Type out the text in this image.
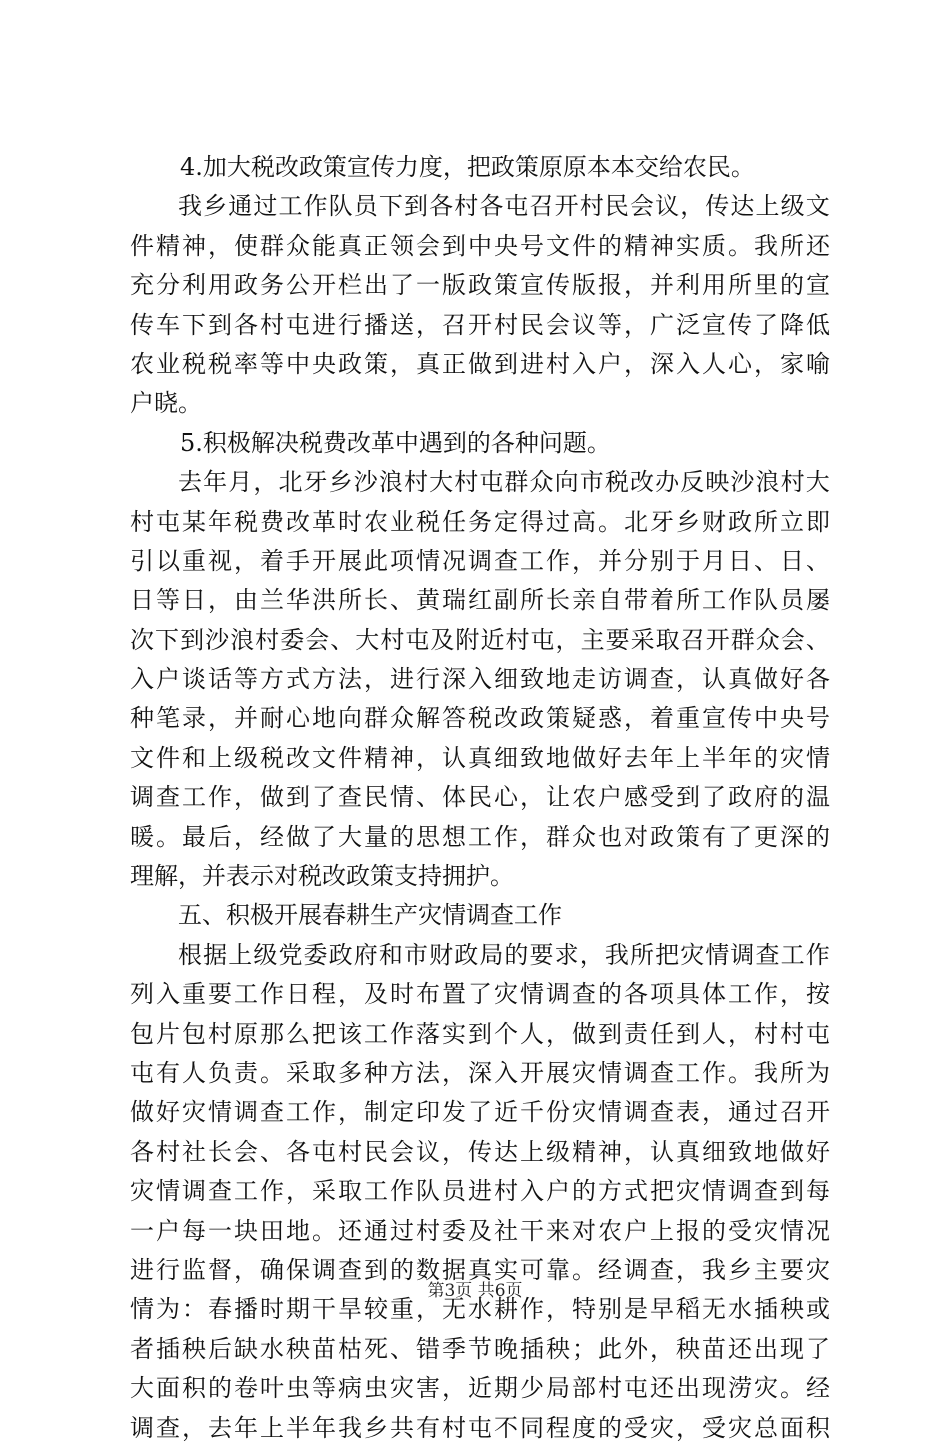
4.加大税改政策宣传力度，把政策原原本本交给农民。
我 乡 通 过 工 作 队 员 下 到 各 村 各 屯 召 开 村 民 会 议 ， 传 达 上 级 文
件 精 神 ， 使 群 众 能 真 正 领 会 到 中 央 号 文 件 的 精 神 实 质 。 我 所 还
充 分 利 用 政 务 公 开 栏 出 了 一 版 政 策 宣 传 版 报 ， 并 利 用 所 里 的 宣
传 车 下 到 各 村 屯 进 行 播 送 ， 召 开 村 民 会 议 等 ， 广 泛 宣 传 了 降 低
农 业 税 税 率 等 中 央 政 策 ， 真 正 做 到 进 村 入 户 ， 深 入 人 心 ， 家 喻
户晓。
5.积极解决税费改革中遇到的各种问题。
去 年 月 ， 北 牙 乡 沙 浪 村 大 村 屯 群 众 向 市 税 改 办 反 映 沙 浪 村 大
村 屯 某 年 税 费 改 革 时 农 业 税 任 务 定 得 过 高 。 北 牙 乡 财 政 所 立 即
引 以 重 视 ， 着 手 开 展 此 项 情 况 调 查 工 作 ， 并 分 别 于 月 日 、 日 、
日 等 日 ， 由 兰 华 洪 所 长 、 黄 瑞 红 副 所 长 亲 自 带 着 所 工 作 队 员 屡
次 下 到 沙 浪 村 委 会 、 大 村 屯 及 附 近 村 屯 ， 主 要 采 取 召 开 群 众 会 、
入 户 谈 话 等 方 式 方 法 ， 进 行 深 入 细 致 地 走 访 调 查 ， 认 真 做 好 各
种 笔 录 ， 并 耐 心 地 向 群 众 解 答 税 改 政 策 疑 惑 ， 着 重 宣 传 中 央 号
文 件 和 上 级 税 改 文 件 精 神 ， 认 真 细 致 地 做 好 去 年 上 半 年 的 灾 情
调 查 工 作 ， 做 到 了 查 民 情 、 体 民 心 ， 让 农 户 感 受 到 了 政 府 的 温
暖 。 最 后 ， 经 做 了 大 量 的 思 想 工 作 ， 群 众 也 对 政 策 有 了 更 深 的
理解，并表示对税改政策支持拥护。
五、积极开展春耕生产灾情调查工作
根 据 上 级 党 委 政 府 和 市 财 政 局 的 要 求 ， 我 所 把 灾 情 调 查 工 作
列 入 重 要 工 作 日 程 ， 及 时 布 置 了 灾 情 调 查 的 各 项 具 体 工 作 ， 按
包 片 包 村 原 那 么 把 该 工 作 落 实 到 个 人 ， 做 到 责 任 到 人 ， 村 村 屯
屯 有 人 负 责 。 采 取 多 种 方 法 ， 深 入 开 展 灾 情 调 查 工 作 。 我 所 为
做 好 灾 情 调 查 工 作 ， 制 定 印 发 了 近 千 份 灾 情 调 查 表 ， 通 过 召 开
各 村 社 长 会 、 各 屯 村 民 会 议 ， 传 达 上 级 精 神 ， 认 真 细 致 地 做 好
灾 情 调 查 工 作 ， 采 取 工 作 队 员 进 村 入 户 的 方 式 把 灾 情 调 查 到 每
一 户 每 一 块 田 地 。 还 通 过 村 委 及 社 干 来 对 农 户 上 报 的 受 灾 情 况
进 行 监 督 ， 确 保 调 查 到 的 数 据 真 实 可 靠 。 经 调 查 ， 我 乡 主 要 灾
情 为 ： 春 播 时 期 干 旱 较 重 ， 无 水 耕 作 ， 特 别 是 早 稻 无 水 插 秧 或
者 插 秧 后 缺 水 秧 苗 枯 死 、 错 季 节 晚 插 秧 ； 此 外 ， 秧 苗 还 出 现 了
大 面 积 的 卷 叶 虫 等 病 虫 灾 害 ， 近 期 少 局 部 村 屯 还 出 现 涝 灾 。 经
调 查 ， 去 年 上 半 年 我 乡 共 有 村 屯 不 同 程 度 的 受 灾 ， 受 灾 总 面 积
第3页 共6页
